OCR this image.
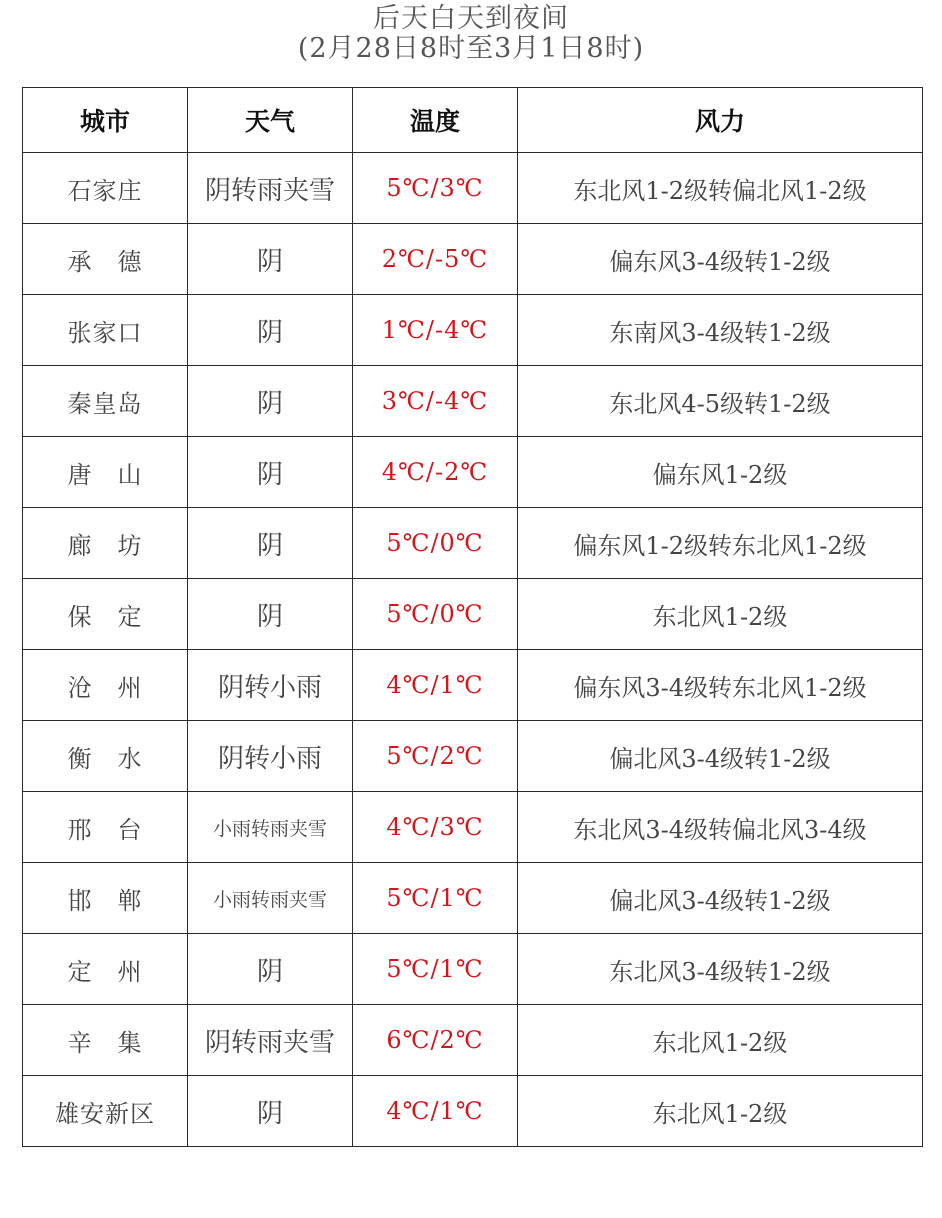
后天白天到夜间
(2月28日8时至3月1日8时)
城市	天气	温度	风力
石家庄	阴转雨夹雪	5℃/3℃	东北风1-2级转偏北风1-2级
承　德	阴	2℃/-5℃	偏东风3-4级转1-2级
张家口	阴	1℃/-4℃	东南风3-4级转1-2级
秦皇岛	阴	3℃/-4℃	东北风4-5级转1-2级
唐　山	阴	4℃/-2℃	偏东风1-2级
廊　坊	阴	5℃/0℃	偏东风1-2级转东北风1-2级
保　定	阴	5℃/0℃	东北风1-2级
沧　州	阴转小雨	4℃/1℃	偏东风3-4级转东北风1-2级
衡　水	阴转小雨	5℃/2℃	偏北风3-4级转1-2级
邢　台	小雨转雨夹雪	4℃/3℃	东北风3-4级转偏北风3-4级
邯　郸	小雨转雨夹雪	5℃/1℃	偏北风3-4级转1-2级
定　州	阴	5℃/1℃	东北风3-4级转1-2级
辛　集	阴转雨夹雪	6℃/2℃	东北风1-2级
雄安新区	阴	4℃/1℃	东北风1-2级
